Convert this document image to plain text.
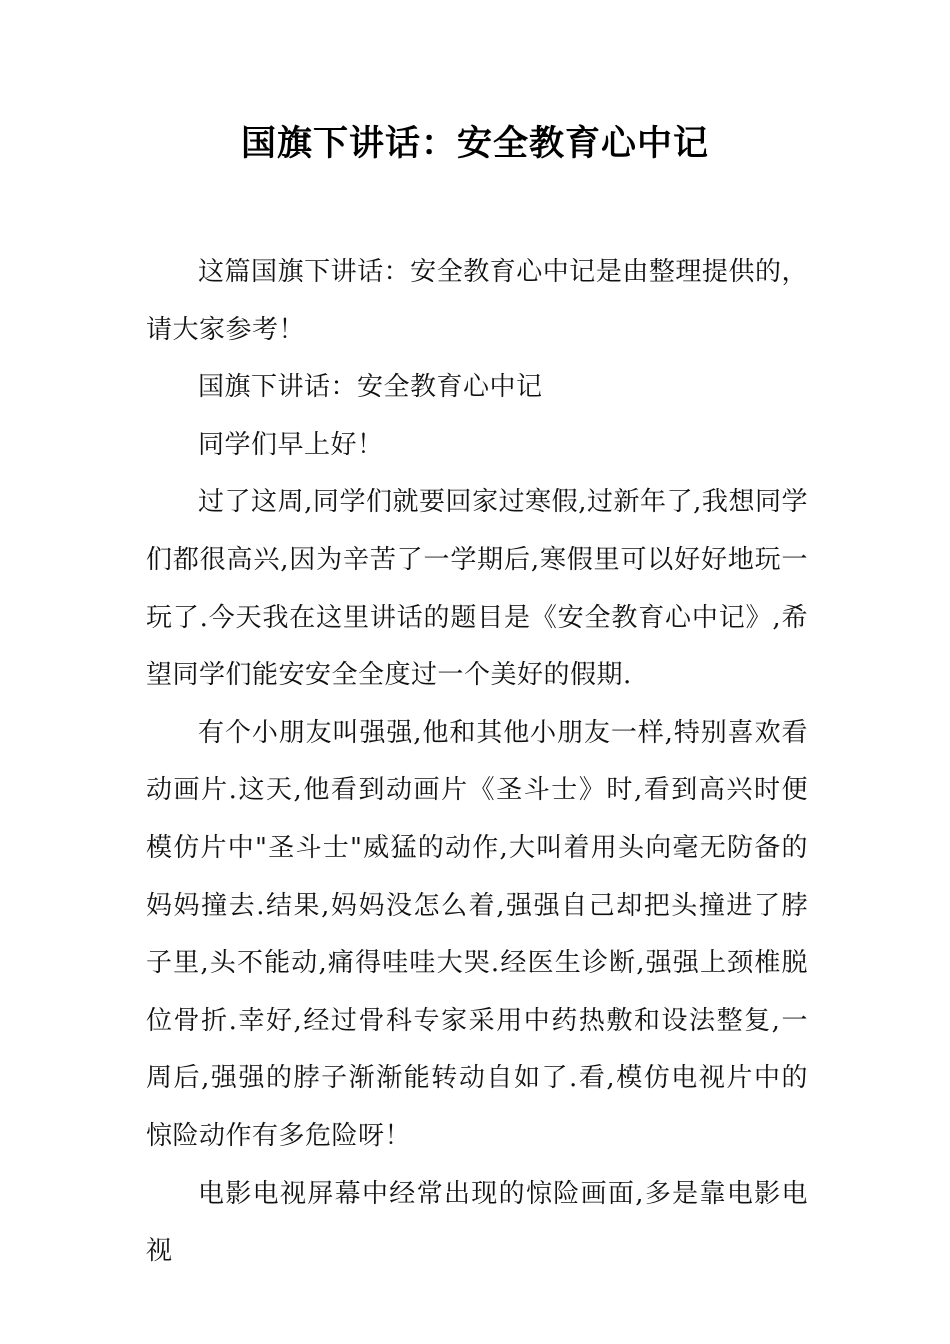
国旗下讲话：安全教育心中记

这篇国旗下讲话：安全教育心中记是由整理提供的，请大家参考！

国旗下讲话：安全教育心中记

同学们早上好！

过了这周,同学们就要回家过寒假,过新年了,我想同学们都很高兴,因为辛苦了一学期后,寒假里可以好好地玩一玩了.今天我在这里讲话的题目是《安全教育心中记》,希望同学们能安安全全度过一个美好的假期.

有个小朋友叫强强,他和其他小朋友一样,特别喜欢看动画片.这天,他看到动画片《圣斗士》时,看到高兴时便模仿片中"圣斗士"威猛的动作,大叫着用头向毫无防备的妈妈撞去.结果,妈妈没怎么着,强强自己却把头撞进了脖子里,头不能动,痛得哇哇大哭.经医生诊断,强强上颈椎脱位骨折.幸好,经过骨科专家采用中药热敷和设法整复,一周后,强强的脖子渐渐能转动自如了.看,模仿电视片中的惊险动作有多危险呀！

电影电视屏幕中经常出现的惊险画面,多是靠电影电视
